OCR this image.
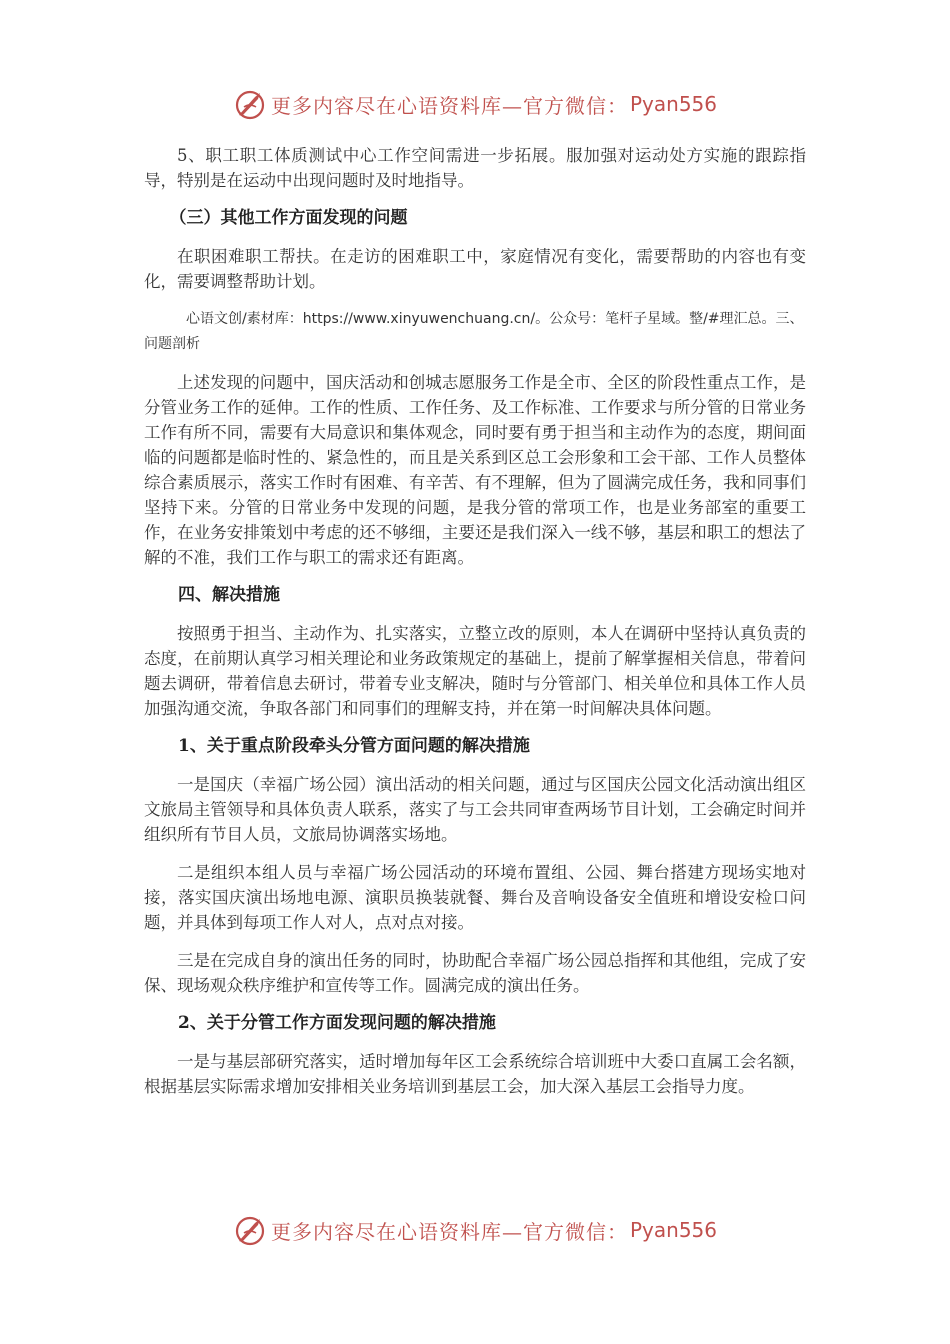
更多内容尽在心语资料库—官方微信： Pyan556

5、职工职工体质测试中心工作空间需进一步拓展。服加强对运动处方实施的跟踪指导，特别是在运动中出现问题时及时地指导。

（三）其他工作方面发现的问题

在职困难职工帮扶。在走访的困难职工中，家庭情况有变化，需要帮助的内容也有变化，需要调整帮助计划。

心语文创/素材库：https://www.xinyuwenchuang.cn/。公众号：笔杆子星域。整/#理汇总。三、问题剖析

上述发现的问题中，国庆活动和创城志愿服务工作是全市、全区的阶段性重点工作，是分管业务工作的延伸。工作的性质、工作任务、及工作标准、工作要求与所分管的日常业务工作有所不同，需要有大局意识和集体观念，同时要有勇于担当和主动作为的态度，期间面临的问题都是临时性的、紧急性的，而且是关系到区总工会形象和工会干部、工作人员整体综合素质展示，落实工作时有困难、有辛苦、有不理解，但为了圆满完成任务，我和同事们坚持下来。分管的日常业务中发现的问题，是我分管的常项工作，也是业务部室的重要工作，在业务安排策划中考虑的还不够细，主要还是我们深入一线不够，基层和职工的想法了解的不准，我们工作与职工的需求还有距离。

四、解决措施

按照勇于担当、主动作为、扎实落实，立整立改的原则，本人在调研中坚持认真负责的态度，在前期认真学习相关理论和业务政策规定的基础上，提前了解掌握相关信息，带着问题去调研，带着信息去研讨，带着专业支解决，随时与分管部门、相关单位和具体工作人员加强沟通交流，争取各部门和同事们的理解支持，并在第一时间解决具体问题。

1、关于重点阶段牵头分管方面问题的解决措施

一是国庆（幸福广场公园）演出活动的相关问题，通过与区国庆公园文化活动演出组区文旅局主管领导和具体负责人联系，落实了与工会共同审查两场节目计划，工会确定时间并组织所有节目人员，文旅局协调落实场地。

二是组织本组人员与幸福广场公园活动的环境布置组、公园、舞台搭建方现场实地对接，落实国庆演出场地电源、演职员换装就餐、舞台及音响设备安全值班和增设安检口问题，并具体到每项工作人对人，点对点对接。

三是在完成自身的演出任务的同时，协助配合幸福广场公园总指挥和其他组，完成了安保、现场观众秩序维护和宣传等工作。圆满完成的演出任务。

2、关于分管工作方面发现问题的解决措施

一是与基层部研究落实，适时增加每年区工会系统综合培训班中大委口直属工会名额，根据基层实际需求增加安排相关业务培训到基层工会，加大深入基层工会指导力度。

更多内容尽在心语资料库—官方微信： Pyan556
